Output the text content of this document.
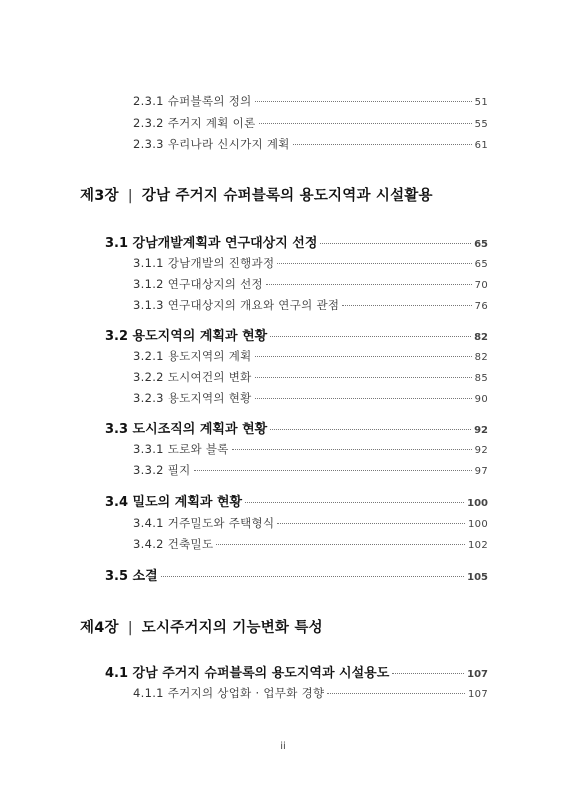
2.3.1 슈퍼블록의 정의	51
2.3.2 주거지 계획 이론	55
2.3.3 우리나라 신시가지 계획	61
제3장 | 강남 주거지 슈퍼블록의 용도지역과 시설활용
3.1 강남개발계획과 연구대상지 선정	65
3.1.1 강남개발의 진행과정	65
3.1.2 연구대상지의 선정	70
3.1.3 연구대상지의 개요와 연구의 관점	76
3.2 용도지역의 계획과 현황	82
3.2.1 용도지역의 계획	82
3.2.2 도시여건의 변화	85
3.2.3 용도지역의 현황	90
3.3 도시조직의 계획과 현황	92
3.3.1 도로와 블록	92
3.3.2 필지	97
3.4 밀도의 계획과 현황	100
3.4.1 거주밀도와 주택형식	100
3.4.2 건축밀도	102
3.5 소결	105
제4장 | 도시주거지의 기능변화 특성
4.1 강남 주거지 슈퍼블록의 용도지역과 시설용도	107
4.1.1 주거지의 상업화 · 업무화 경향	107
ii
